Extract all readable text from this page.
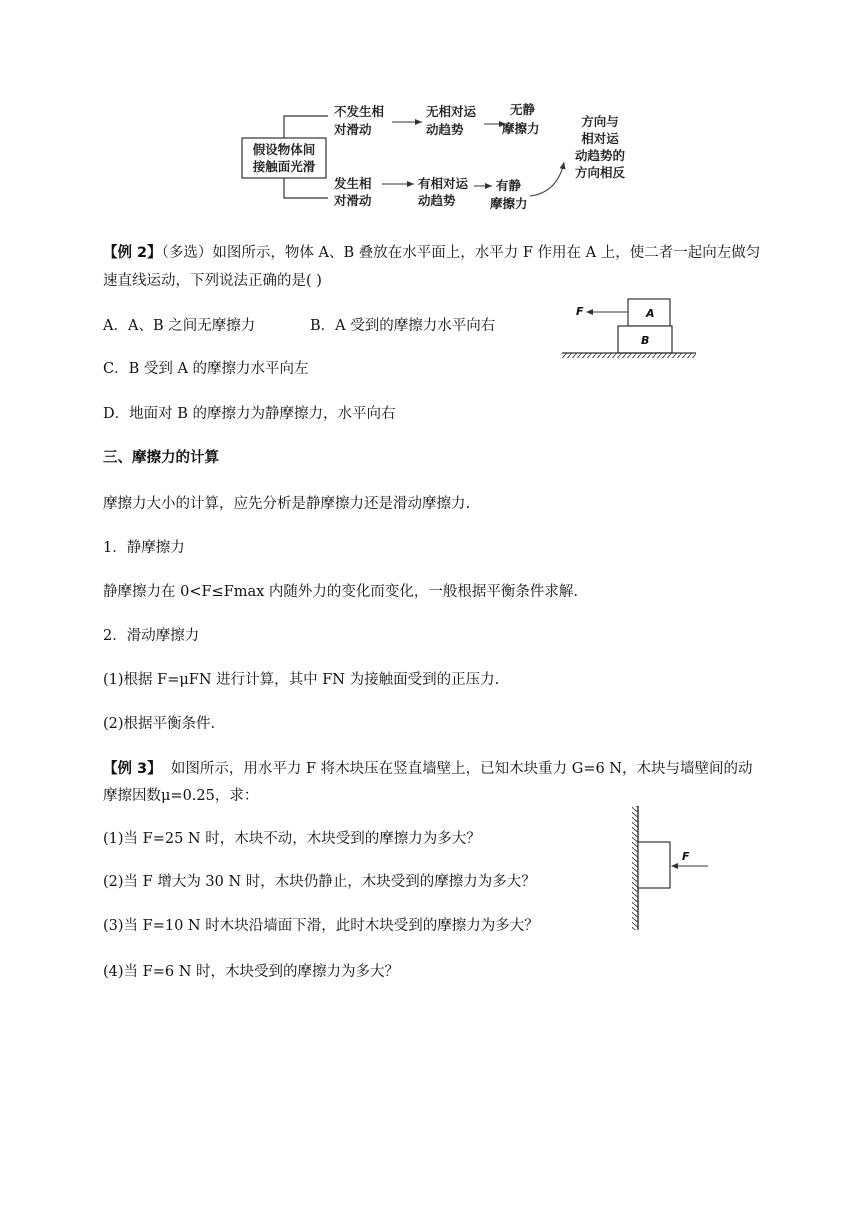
假设物体间
接触面光滑
不发生相
对滑动
无相对运
动趋势
无静
摩擦力
发生相
对滑动
有相对运
动趋势
有静
摩擦力
方向与
相对运
动趋势的
方向相反
【例 2】（多选）如图所示，物体 A、B 叠放在水平面上，水平力 F 作用在 A 上，使二者一起向左做匀
速直线运动，下列说法正确的是( )
A．A、B 之间无摩擦力	B．A 受到的摩擦力水平向右
C．B 受到 A 的摩擦力水平向左
D．地面对 B 的摩擦力为静摩擦力，水平向右
A
B
F
三、摩擦力的计算
摩擦力大小的计算，应先分析是静摩擦力还是滑动摩擦力.
1．静摩擦力
静摩擦力在 0<F≤Fmax 内随外力的变化而变化，一般根据平衡条件求解.
2．滑动摩擦力
(1)根据 F=μFN 进行计算，其中 FN 为接触面受到的正压力.
(2)根据平衡条件.
【例 3】 如图所示，用水平力 F 将木块压在竖直墙壁上，已知木块重力 G=6 N，木块与墙壁间的动
摩擦因数μ=0.25，求：
(1)当 F=25 N 时，木块不动，木块受到的摩擦力为多大？
(2)当 F 增大为 30 N 时，木块仍静止，木块受到的摩擦力为多大？
(3)当 F=10 N 时木块沿墙面下滑，此时木块受到的摩擦力为多大？
(4)当 F=6 N 时，木块受到的摩擦力为多大？
F
